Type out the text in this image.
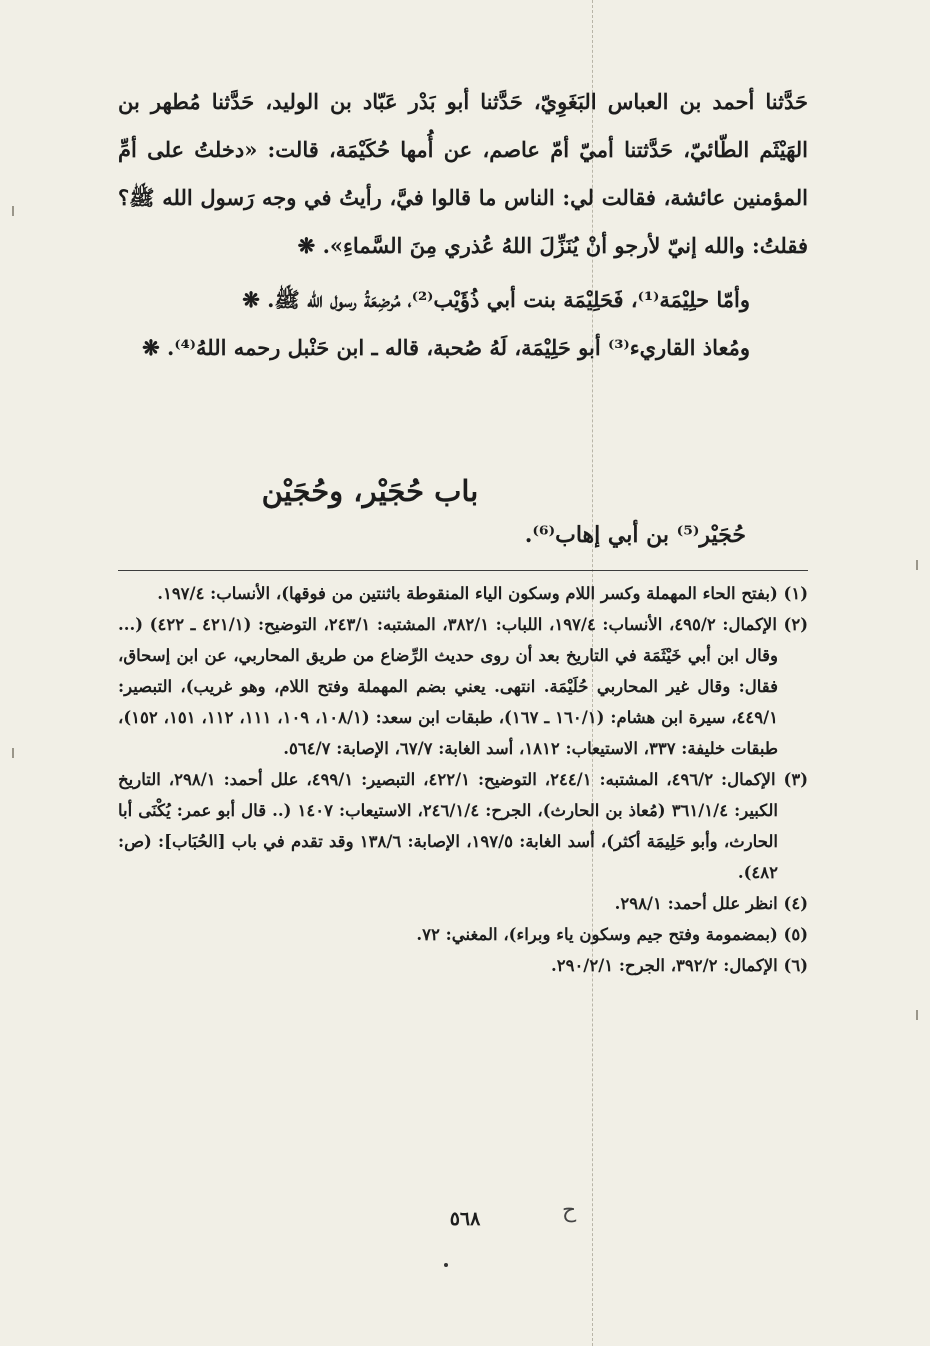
حَدَّثنا أحمد بن العباس البَغَوِيّ، حَدَّثنا أبو بَدْر عَبّاد بن الوليد، حَدَّثنا مُطهر بن الهَيْثَم الطّائيّ، حَدَّثتنا أميّ أمّ عاصم، عن أُمها حُكَيْمَة، قالت: «دخلتُ على أمِّ المؤمنين عائشة، فقالت لي: الناس ما قالوا فيَّ، رأيتُ في وجه رَسول الله ﷺ؟ فقلتُ: والله إنيّ لأرجو أنْ يُنَزِّلَ اللهُ عُذري مِنَ السَّماءِ». ❋

وأمّا حلِيْمَة⁽¹⁾، فَحَلِيْمَة بنت أبي ذُؤَيْب⁽²⁾، مُرضِعَةُ رسول الله ﷺ. ❋

ومُعاذ القاريء⁽³⁾ أبو حَلِيْمَة، لَهُ صُحبة، قاله ـ ابن حَنْبل رحمه اللهُ⁽⁴⁾. ❋

باب حُجَيْر، وحُجَيْن
حُجَيْر⁽⁵⁾ بن أبي إهاب⁽⁶⁾.
(١) (بفتح الحاء المهملة وكسر اللام وسكون الياء المنقوطة باثنتين من فوقها)، الأنساب: ١٩٧/٤.
(٢) الإكمال: ٤٩٥/٢، الأنساب: ١٩٧/٤، اللباب: ٣٨٢/١، المشتبه: ٢٤٣/١، التوضيح: (٤٢١/١ ـ ٤٢٢) (... وقال ابن أبي خَيْثَمَة في التاريخ بعد أن روى حديث الرِّضاع من طريق المحاربي، عن ابن إسحاق، فقال: وقال غير المحاربي حُلَيْمَة. انتهى. يعني بضم المهملة وفتح اللام، وهو غريب)، التبصير: ٤٤٩/١، سيرة ابن هشام: (١٦٠/١ ـ ١٦٧)، طبقات ابن سعد: (١٠٨/١، ١٠٩، ١١١، ١١٢، ١٥١، ١٥٢)، طبقات خليفة: ٣٣٧، الاستيعاب: ١٨١٢، أسد الغابة: ٦٧/٧، الإصابة: ٥٦٤/٧.
(٣) الإكمال: ٤٩٦/٢، المشتبه: ٢٤٤/١، التوضيح: ٤٢٢/١، التبصير: ٤٩٩/١، علل أحمد: ٢٩٨/١، التاريخ الكبير: ٣٦١/١/٤ (مُعاذ بن الحارث)، الجرح: ٢٤٦/١/٤، الاستيعاب: ١٤٠٧ (.. قال أبو عمر: يُكْنَى أبا الحارث، وأبو حَلِيمَة أكثر)، أسد الغابة: ١٩٧/٥، الإصابة: ١٣٨/٦ وقد تقدم في باب [الحُبَاب]: (ص: ٤٨٢).
(٤) انظر علل أحمد: ٢٩٨/١.
(٥) (بمضمومة وفتح جيم وسكون ياء وبراء)، المغني: ٧٢.
(٦) الإكمال: ٣٩٢/٢، الجرح: ٢٩٠/٢/١.
ح
٥٦٨
